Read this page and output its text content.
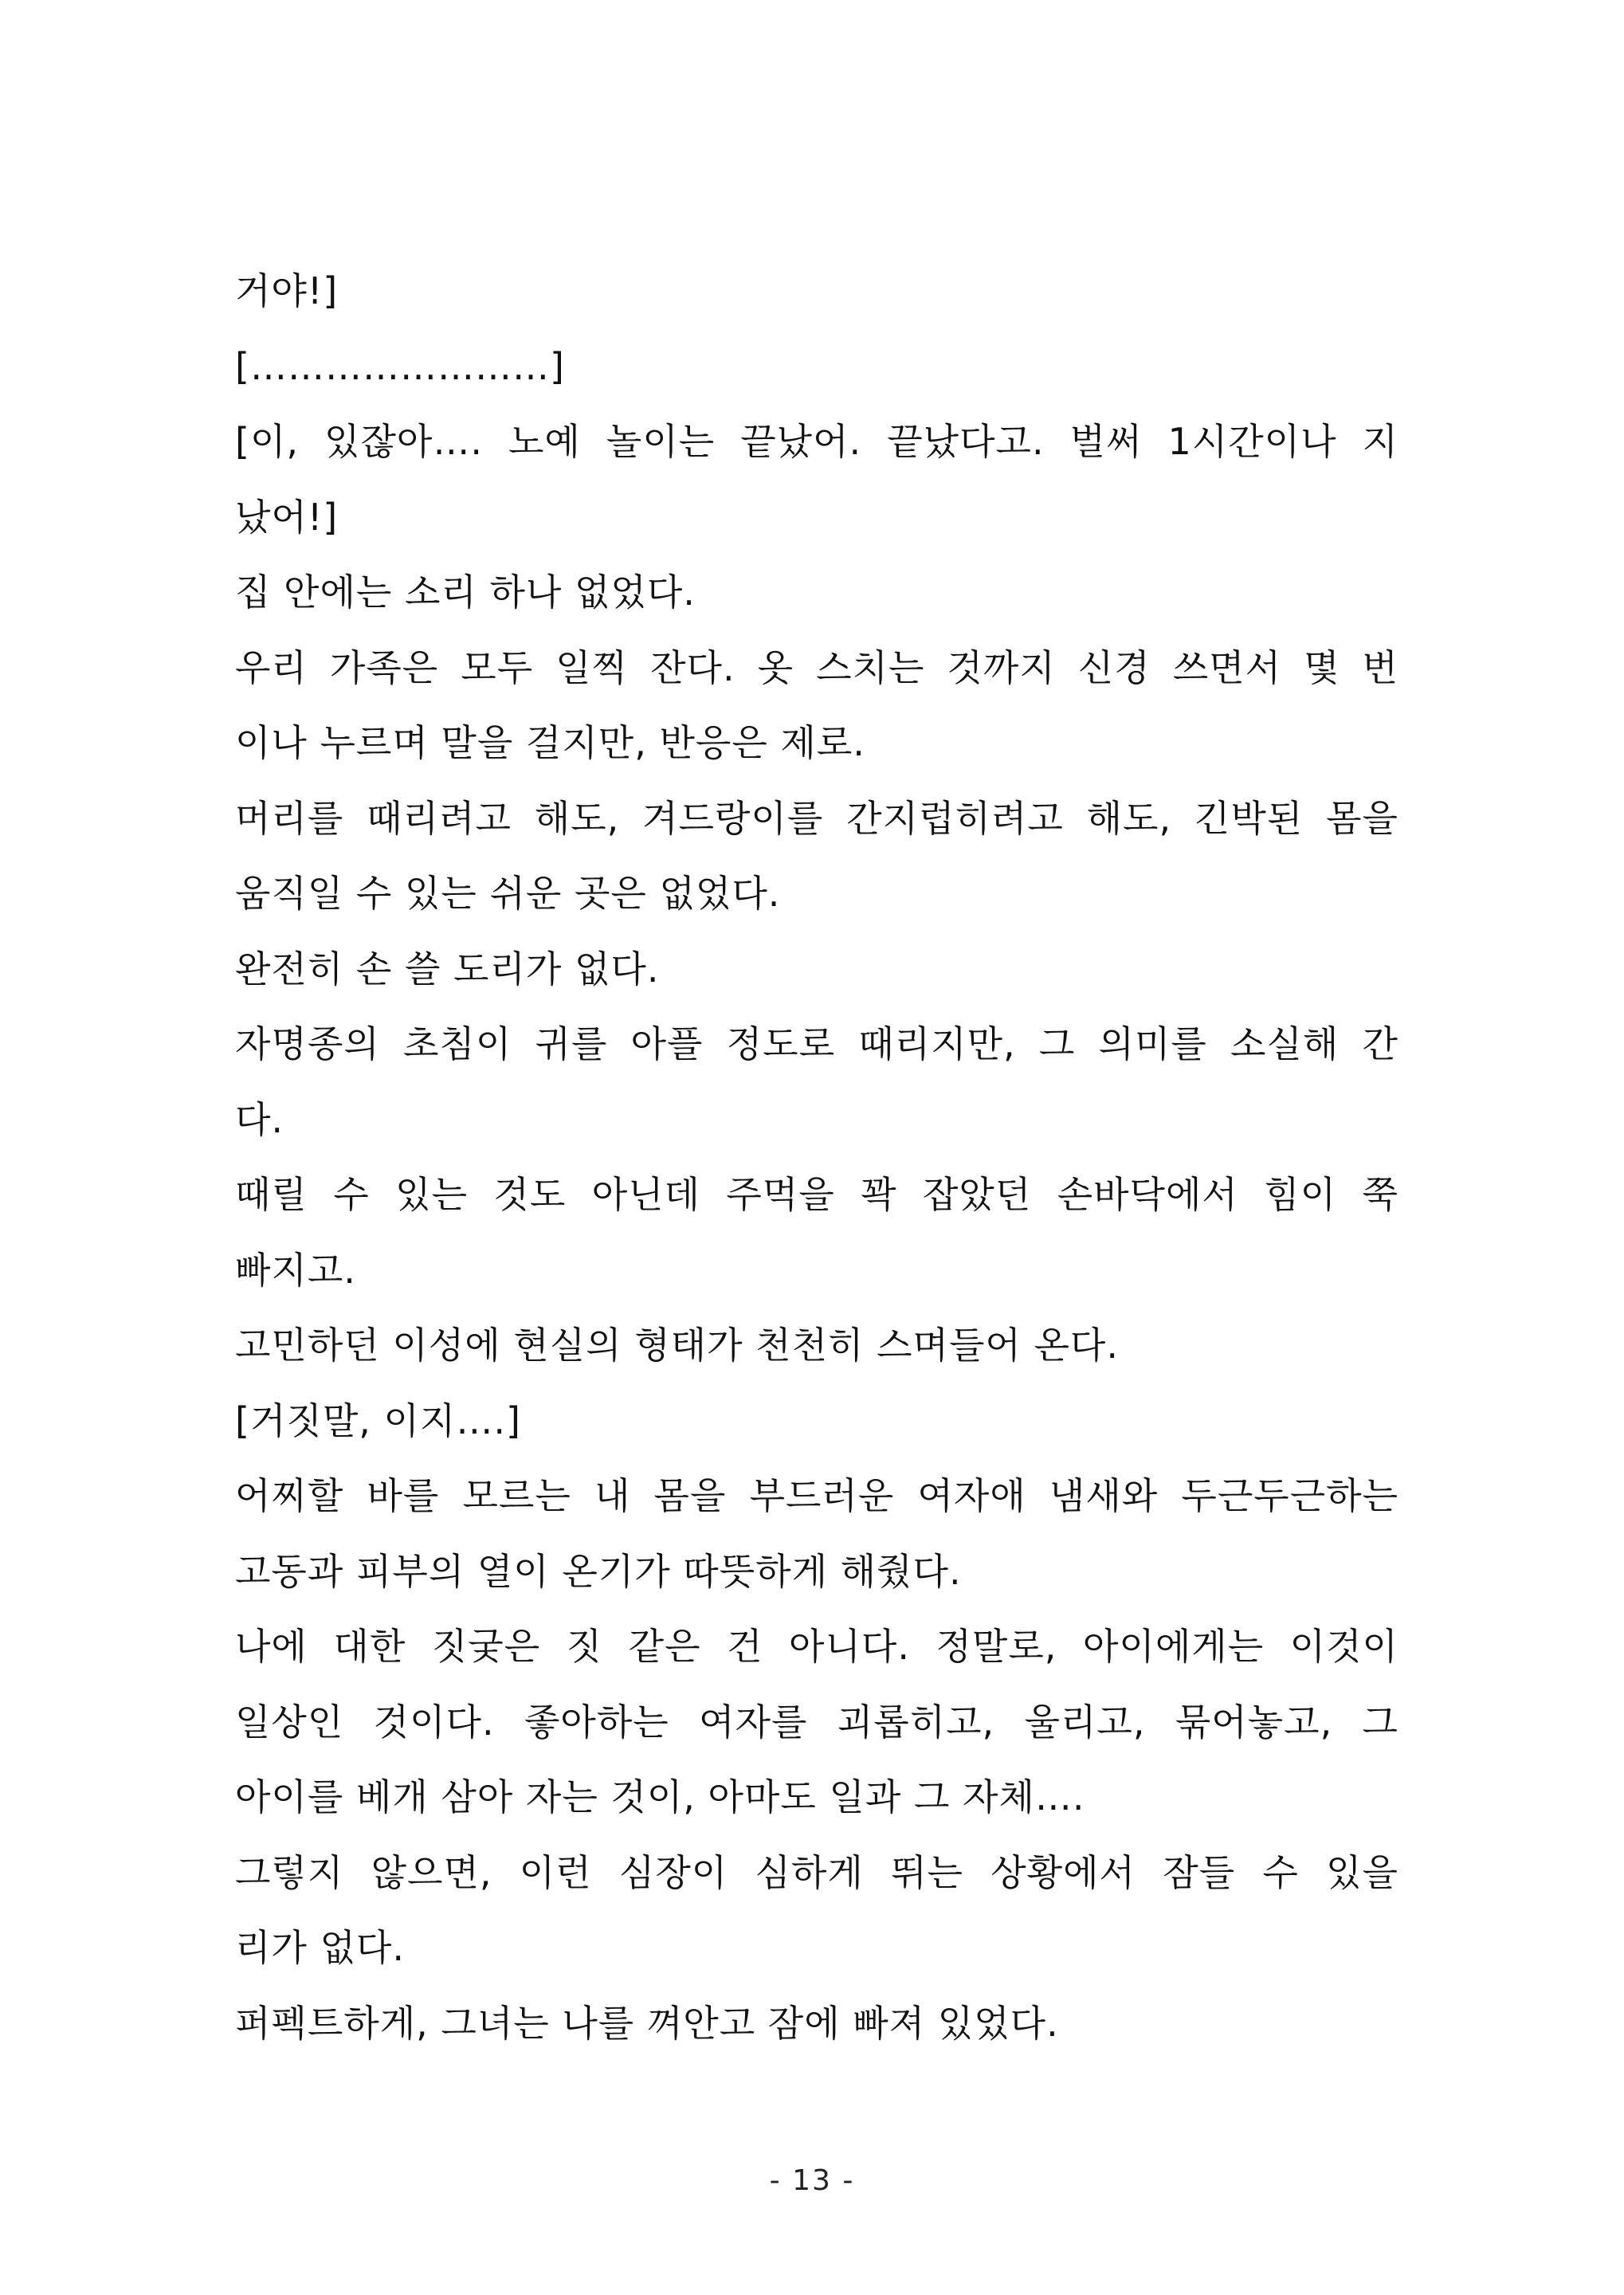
거야!]
[……………………]
[이, 있잖아…. 노예 놀이는 끝났어. 끝났다고. 벌써 1시간이나 지
났어!]
집 안에는 소리 하나 없었다.
우리 가족은 모두 일찍 잔다. 옷 스치는 것까지 신경 쓰면서 몇 번
이나 누르며 말을 걸지만, 반응은 제로.
머리를 때리려고 해도, 겨드랑이를 간지럽히려고 해도, 긴박된 몸을
움직일 수 있는 쉬운 곳은 없었다.
완전히 손 쓸 도리가 없다.
자명종의 초침이 귀를 아플 정도로 때리지만, 그 의미를 소실해 간
다.
때릴 수 있는 것도 아닌데 주먹을 꽉 잡았던 손바닥에서 힘이 쭉
빠지고.
고민하던 이성에 현실의 형태가 천천히 스며들어 온다.
[거짓말, 이지….]
어찌할 바를 모르는 내 몸을 부드러운 여자애 냄새와 두근두근하는
고동과 피부의 열이 온기가 따뜻하게 해줬다.
나에 대한 짓궂은 짓 같은 건 아니다. 정말로, 아이에게는 이것이
일상인 것이다. 좋아하는 여자를 괴롭히고, 울리고, 묶어놓고, 그
아이를 베개 삼아 자는 것이, 아마도 일과 그 자체….
그렇지 않으면, 이런 심장이 심하게 뛰는 상황에서 잠들 수 있을
리가 없다.
퍼펙트하게, 그녀는 나를 껴안고 잠에 빠져 있었다.
- 13 -
